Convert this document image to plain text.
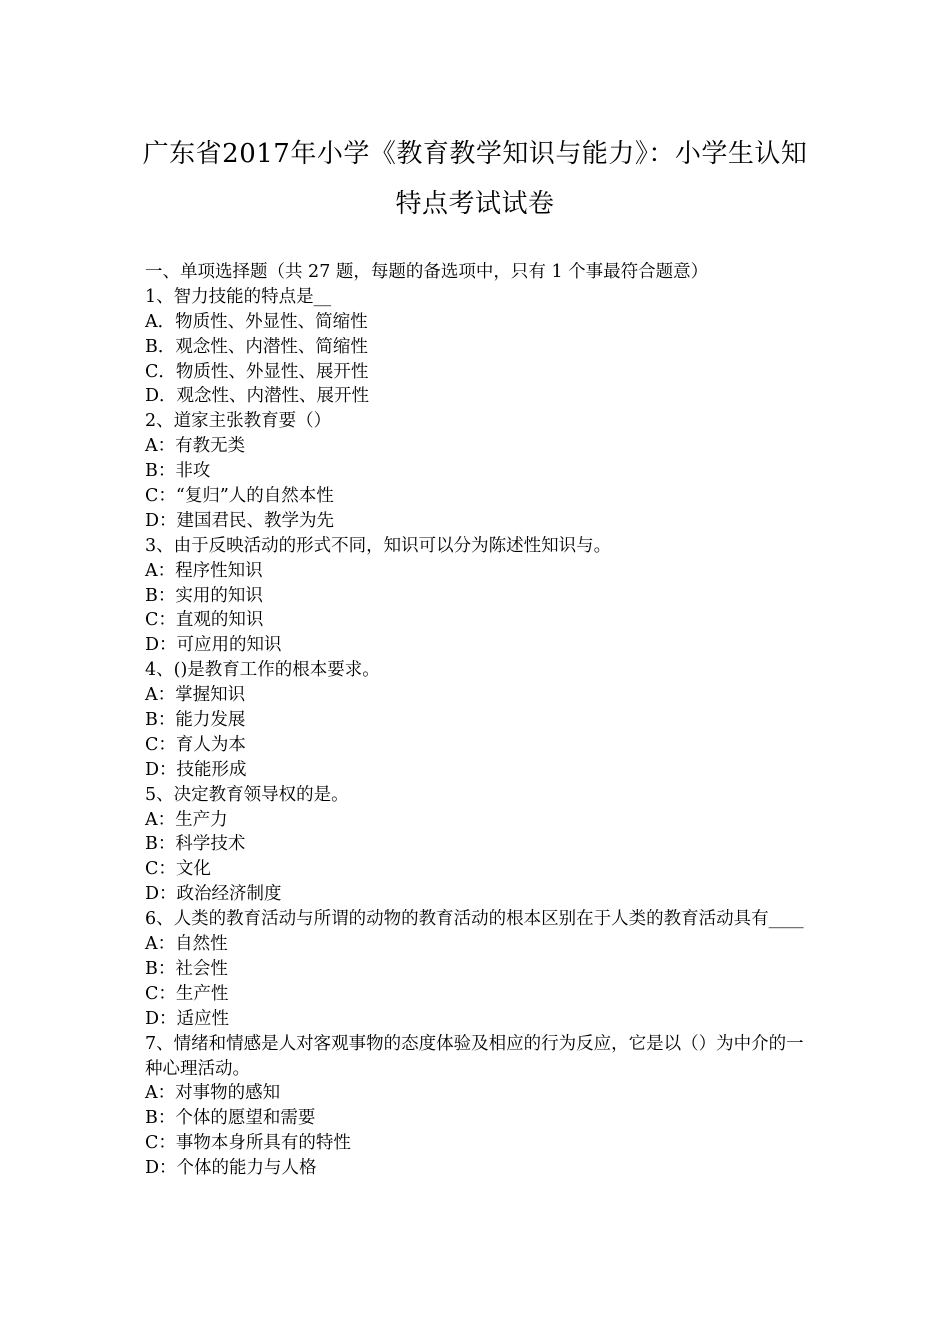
广东省2017年小学《教育教学知识与能力》：小学生认知
特点考试试卷
一、单项选择题（共 27 题，每题的备选项中，只有 1 个事最符合题意）
1、智力技能的特点是__
A．物质性、外显性、简缩性
B．观念性、内潜性、简缩性
C．物质性、外显性、展开性
D．观念性、内潜性、展开性
2、道家主张教育要（）
A：有教无类
B：非攻
C：“复归”人的自然本性
D：建国君民、教学为先
3、由于反映活动的形式不同，知识可以分为陈述性知识与。
A：程序性知识
B：实用的知识
C：直观的知识
D：可应用的知识
4、()是教育工作的根本要求。
A：掌握知识
B：能力发展
C：育人为本
D：技能形成
5、决定教育领导权的是。
A：生产力
B：科学技术
C：文化
D：政治经济制度
6、人类的教育活动与所谓的动物的教育活动的根本区别在于人类的教育活动具有____
A：自然性
B：社会性
C：生产性
D：适应性
7、情绪和情感是人对客观事物的态度体验及相应的行为反应，它是以（）为中介的一种心理活动。
A：对事物的感知
B：个体的愿望和需要
C：事物本身所具有的特性
D：个体的能力与人格
